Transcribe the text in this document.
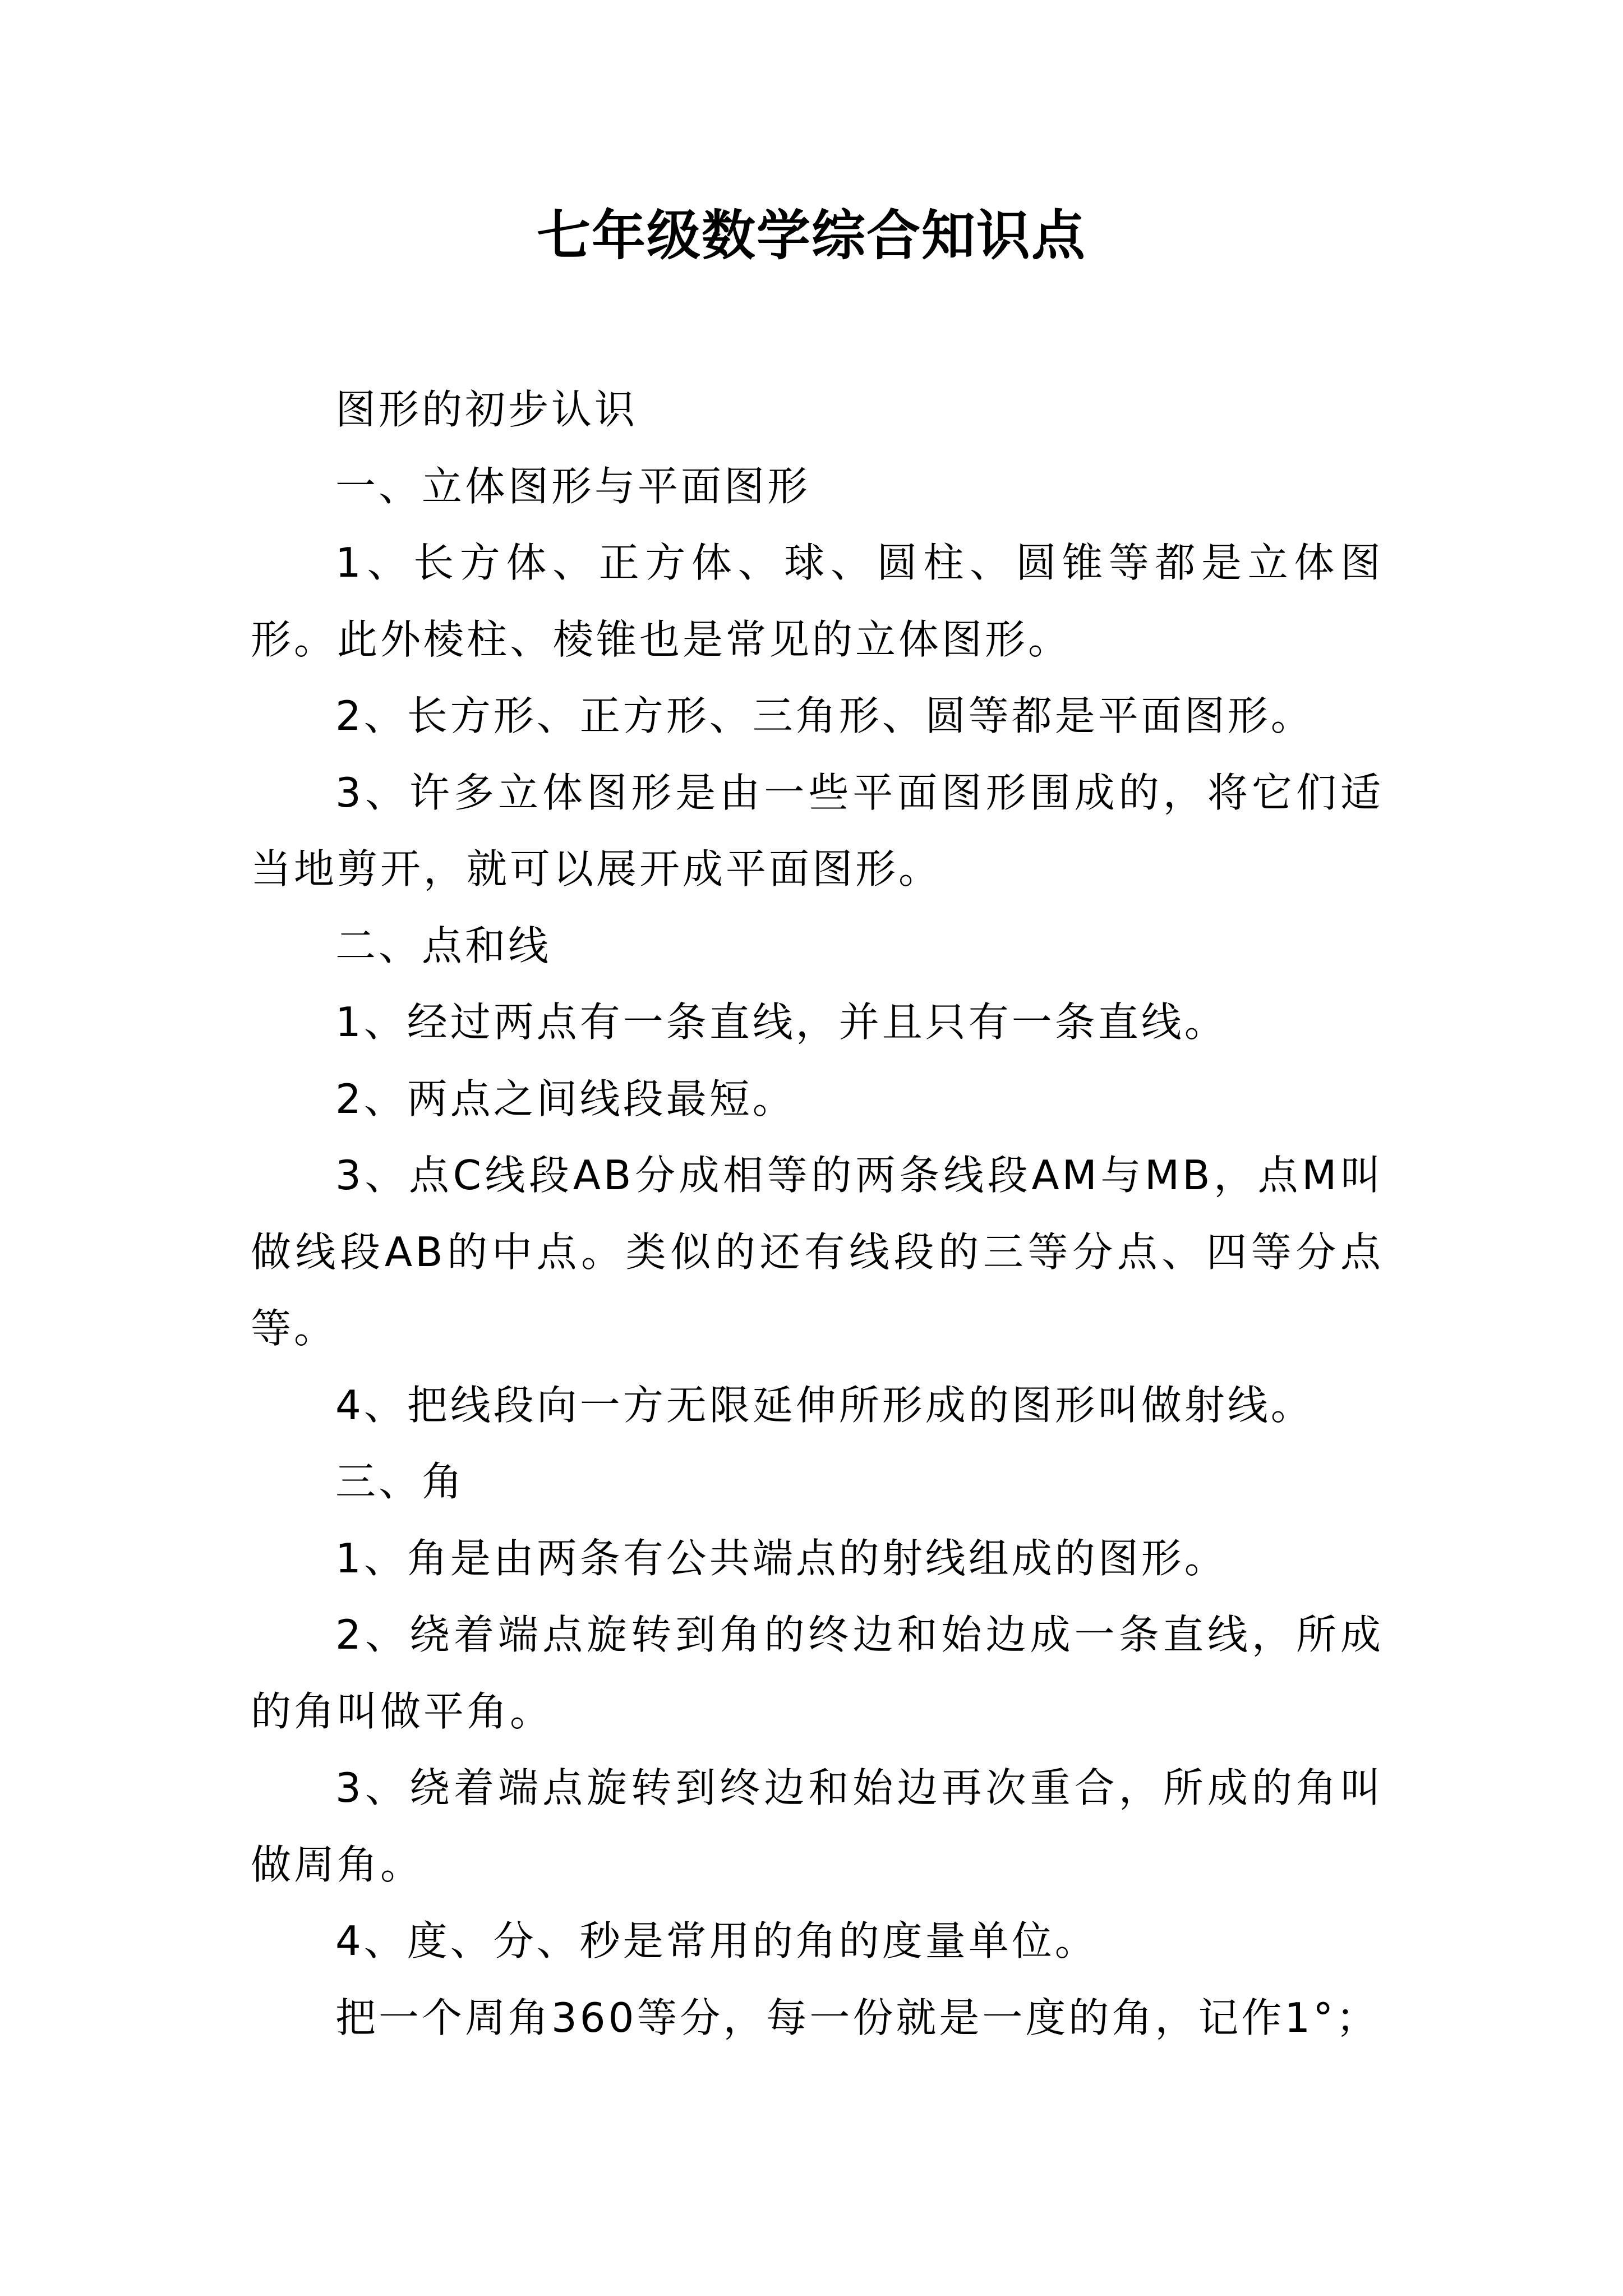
七年级数学综合知识点

图形的初步认识

一、立体图形与平面图形

1、长方体、正方体、球、圆柱、圆锥等都是立体图形。此外棱柱、棱锥也是常见的立体图形。

2、长方形、正方形、三角形、圆等都是平面图形。

3、许多立体图形是由一些平面图形围成的，将它们适当地剪开，就可以展开成平面图形。

二、点和线

1、经过两点有一条直线，并且只有一条直线。

2、两点之间线段最短。

3、点C线段AB分成相等的两条线段AM与MB，点M叫做线段AB的中点。类似的还有线段的三等分点、四等分点等。

4、把线段向一方无限延伸所形成的图形叫做射线。

三、角

1、角是由两条有公共端点的射线组成的图形。

2、绕着端点旋转到角的终边和始边成一条直线，所成的角叫做平角。

3、绕着端点旋转到终边和始边再次重合，所成的角叫做周角。

4、度、分、秒是常用的角的度量单位。

把一个周角360等分，每一份就是一度的角，记作1°；
